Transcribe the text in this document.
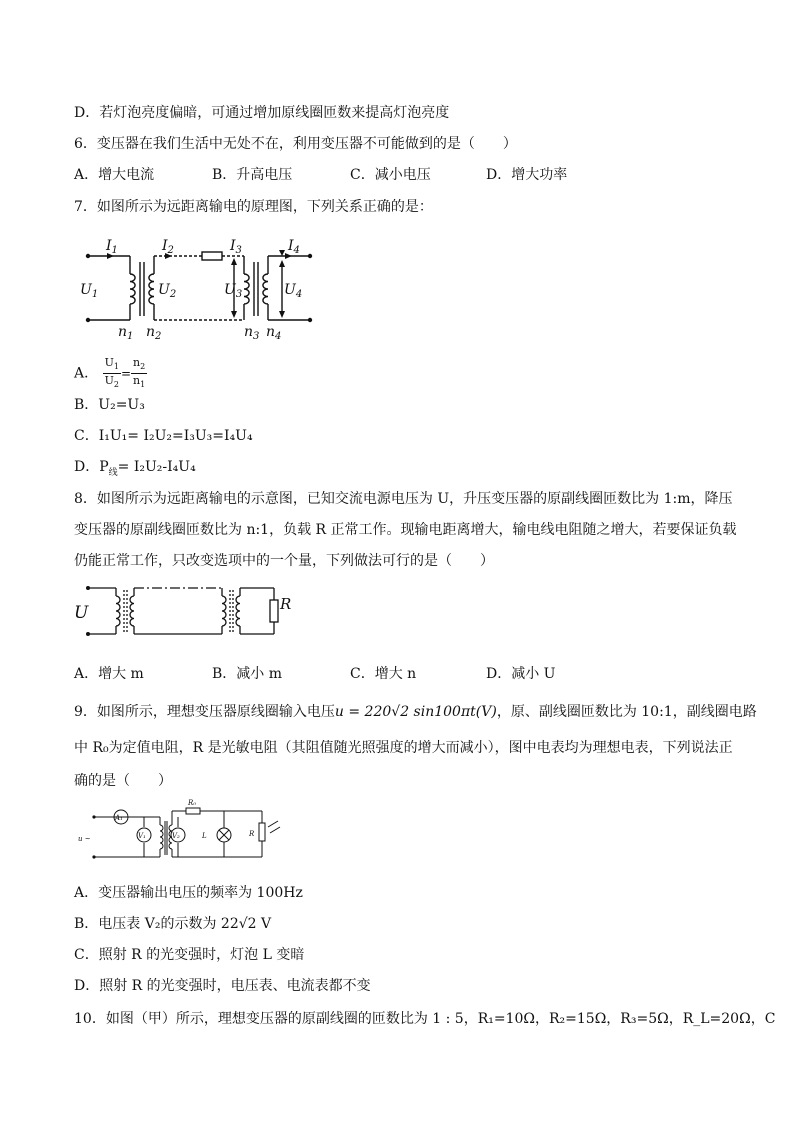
D．若灯泡亮度偏暗，可通过增加原线圈匝数来提高灯泡亮度
6．变压器在我们生活中无处不在，利用变压器不可能做到的是（　　）
A．增大电流	B．升高电压	C．减小电压	D．增大功率
7．如图所示为远距离输电的原理图，下列关系正确的是：
$I_1$	$I_2$	$I_3$	$I_4$
$U_1$	$U_2$	$U_3$	$U_4$
$n_1$ $n_2$	$n_3$ $n_4$
A． $\frac{U_1}{U_2} = \frac{n_2}{n_1}$
B．U₂=U₃
C．I₁U₁= I₂U₂=I₃U₃=I₄U₄
D．$P_线= I_2U_2-I_4U_4$
8．如图所示为远距离输电的示意图，已知交流电源电压为 U，升压变压器的原副线圈匝数比为 1:m，降压
变压器的原副线圈匝数比为 n:1，负载 R 正常工作。现输电距离增大，输电线电阻随之增大，若要保证负载
仍能正常工作，只改变选项中的一个量，下列做法可行的是（　　）
U	R
A．增大 m	B．减小 m	C．增大 n	D．减小 U
9．如图所示，理想变压器原线圈输入电压u = 220√2 sin100πt(V)，原、副线圈匝数比为 10:1，副线圈电路
中 R₀为定值电阻，R 是光敏电阻（其阻值随光照强度的增大而减小），图中电表均为理想电表，下列说法正
确的是（　　）
u ~
A₁
V₁	V₂
R₀
L	R
A．变压器输出电压的频率为 100Hz
B．电压表 V₂的示数为 22√2 V
C．照射 R 的光变强时，灯泡 L 变暗
D．照射 R 的光变强时，电压表、电流表都不变
10．如图（甲）所示，理想变压器的原副线圈的匝数比为 1 : 5，R₁=10Ω，R₂=15Ω，R₃=5Ω，R_L=20Ω，C
